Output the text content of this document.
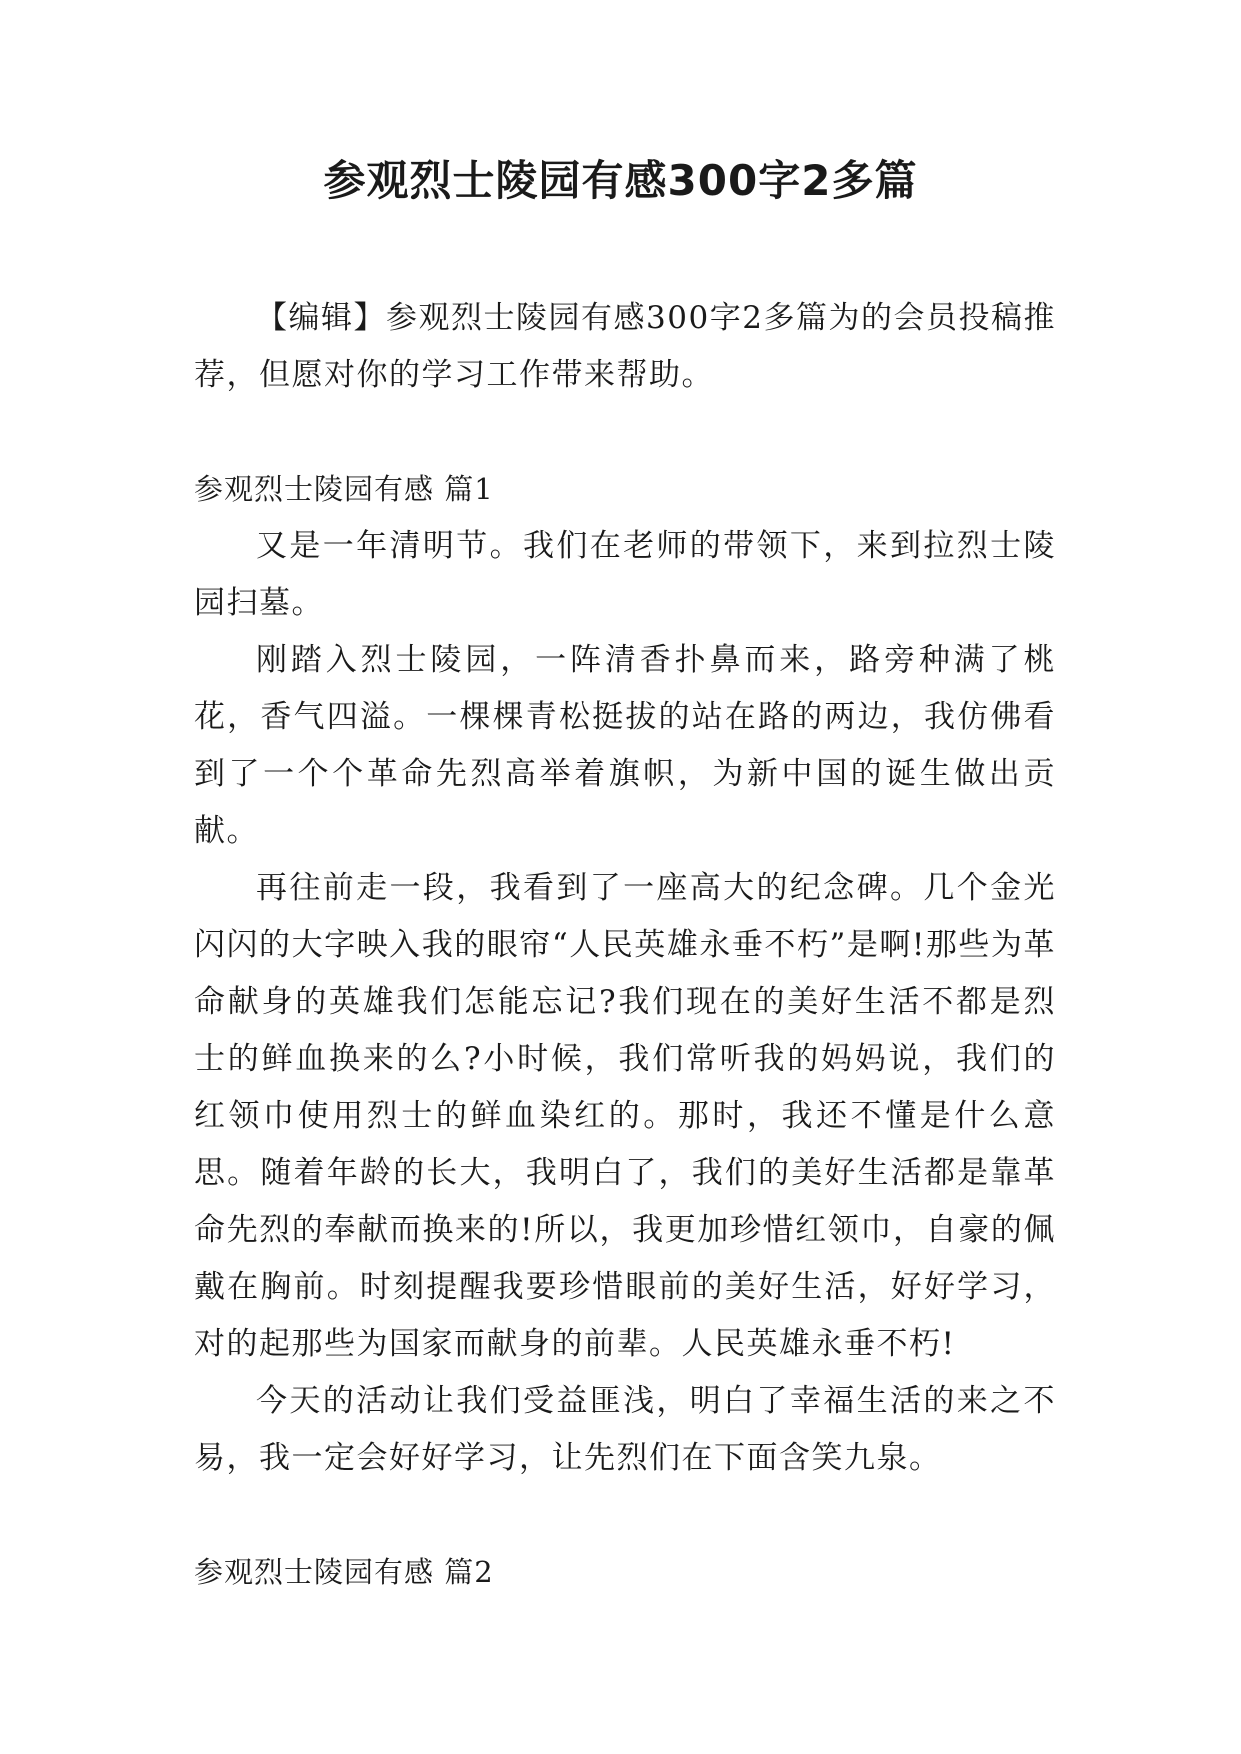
参观烈士陵园有感300字2多篇

【编辑】参观烈士陵园有感300字2多篇为的会员投稿推荐，但愿对你的学习工作带来帮助。

参观烈士陵园有感 篇1

又是一年清明节。我们在老师的带领下，来到拉烈士陵园扫墓。

刚踏入烈士陵园，一阵清香扑鼻而来，路旁种满了桃花，香气四溢。一棵棵青松挺拔的站在路的两边，我仿佛看到了一个个革命先烈高举着旗帜，为新中国的诞生做出贡献。

再往前走一段，我看到了一座高大的纪念碑。几个金光闪闪的大字映入我的眼帘“人民英雄永垂不朽”是啊!那些为革命献身的英雄我们怎能忘记?我们现在的美好生活不都是烈士的鲜血换来的么?小时候，我们常听我的妈妈说，我们的红领巾使用烈士的鲜血染红的。那时，我还不懂是什么意思。随着年龄的长大，我明白了，我们的美好生活都是靠革命先烈的奉献而换来的!所以，我更加珍惜红领巾，自豪的佩戴在胸前。时刻提醒我要珍惜眼前的美好生活，好好学习，对的起那些为国家而献身的前辈。人民英雄永垂不朽!

今天的活动让我们受益匪浅，明白了幸福生活的来之不易，我一定会好好学习，让先烈们在下面含笑九泉。

参观烈士陵园有感 篇2
